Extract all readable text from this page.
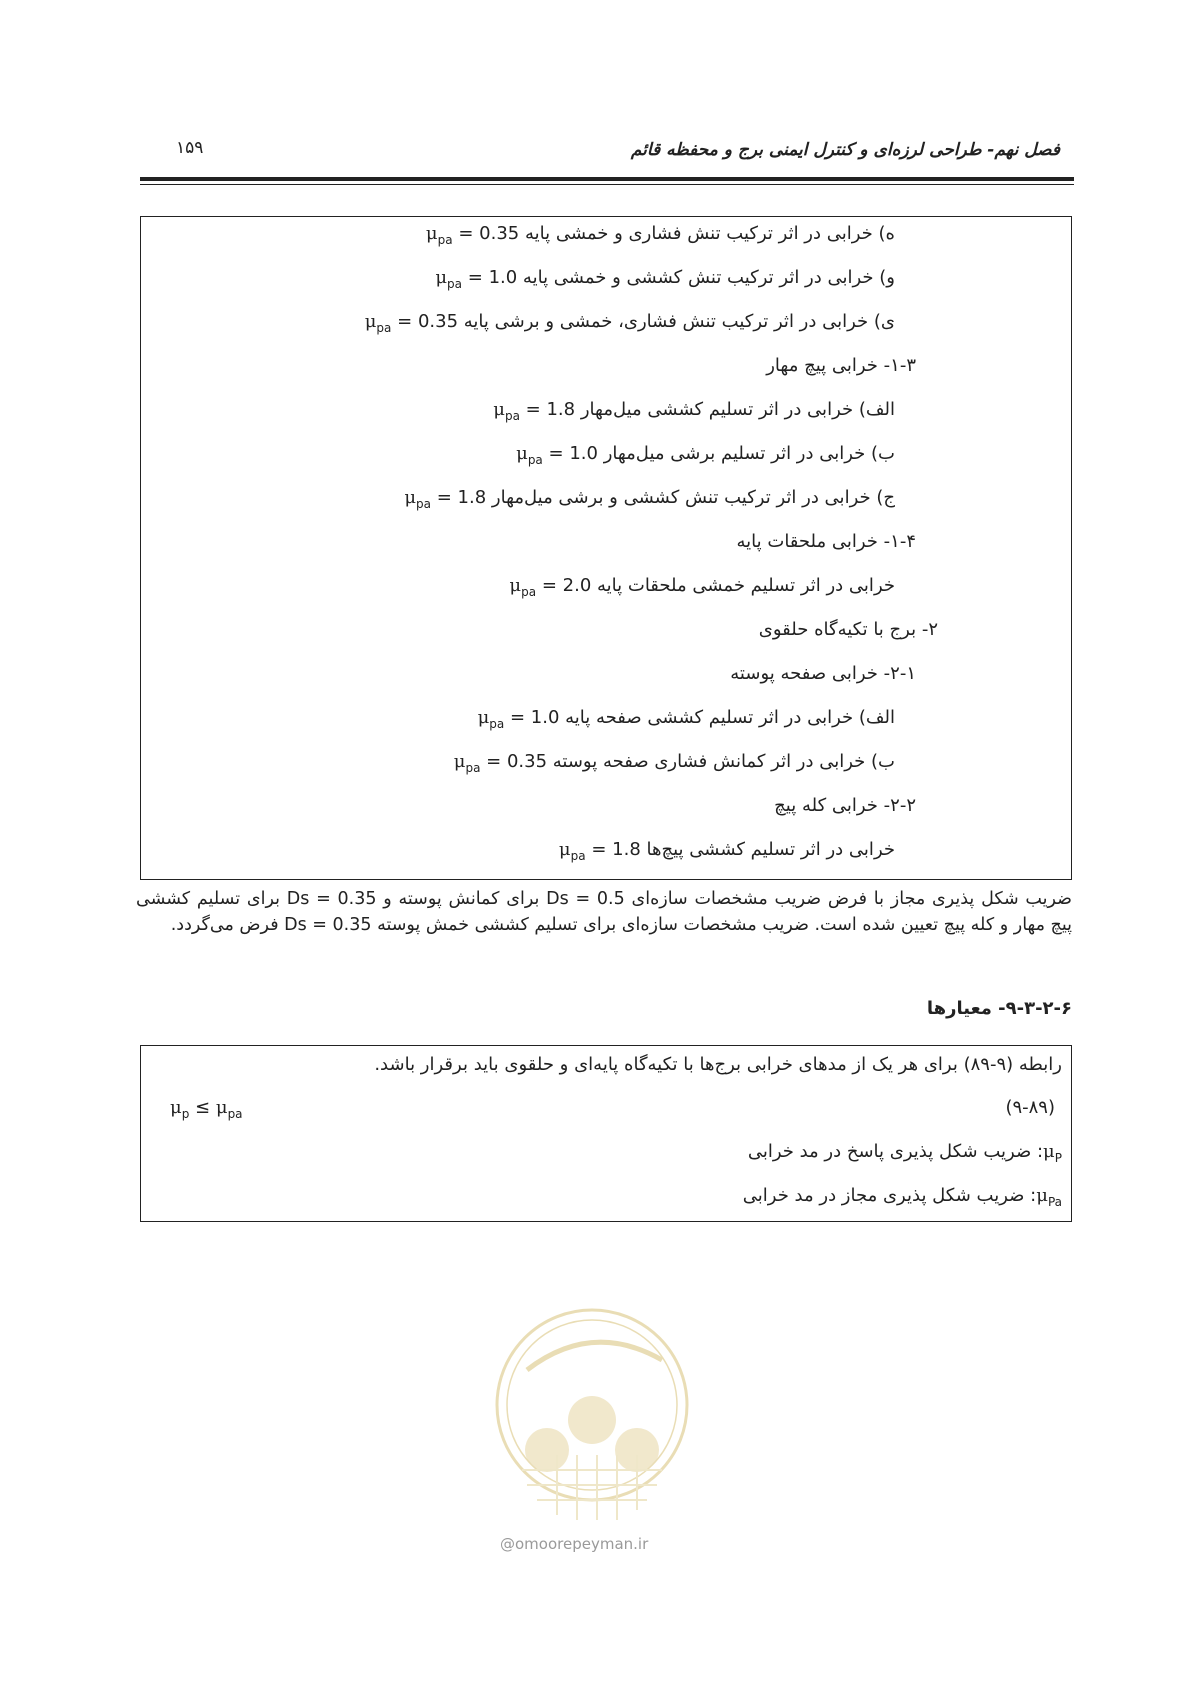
فصل نهم- طراحی لرزه‌ای و کنترل ایمنی برج و محفظه قائم
۱۵۹
ه) خرابی در اثر ترکیب تنش فشاری و خمشی پایه $0.35 = \mu_{pa}$
و) خرابی در اثر ترکیب تنش کششی و خمشی پایه $1.0 = \mu_{pa}$
ی) خرابی در اثر ترکیب تنش فشاری، خمشی و برشی پایه $0.35 = \mu_{pa}$
۱-۳- خرابی پیچ مهار
الف) خرابی در اثر تسلیم کششی میل‌مهار $1.8 = \mu_{pa}$
ب) خرابی در اثر تسلیم برشی میل‌مهار $1.0 = \mu_{pa}$
ج) خرابی در اثر ترکیب تنش کششی و برشی میل‌مهار $1.8 = \mu_{pa}$
۱-۴- خرابی ملحقات پایه
خرابی در اثر تسلیم خمشی ملحقات پایه $2.0 = \mu_{pa}$
۲- برج با تکیه‌گاه حلقوی
۲-۱- خرابی صفحه پوسته
الف) خرابی در اثر تسلیم کششی صفحه پایه $1.0 = \mu_{pa}$
ب) خرابی در اثر کمانش فشاری صفحه پوسته $0.35 = \mu_{pa}$
۲-۲- خرابی کله پیچ
خرابی در اثر تسلیم کششی پیچ‌ها $1.8 = \mu_{pa}$
ضریب شکل پذیری مجاز با فرض ضریب مشخصات سازه‌ای Ds = 0.5 برای کمانش پوسته و Ds = 0.35 برای تسلیم کششی پیچ مهار و کله پیچ تعیین شده است. ضریب مشخصات سازه‌ای برای تسلیم کششی خمش پوسته Ds = 0.35 فرض می‌گردد.
۹-۳-۲-۶- معیارها
رابطه (۹-۸۹) برای هر یک از مدهای خرابی برج‌ها با تکیه‌گاه پایه‌ای و حلقوی باید برقرار باشد.
(۹-۸۹)
$\mu_p \le \mu_{pa}$
$\mu_P$: ضریب شکل پذیری پاسخ در مد خرابی
$\mu_{Pa}$: ضریب شکل پذیری مجاز در مد خرابی
@omoorepeyman.ir
